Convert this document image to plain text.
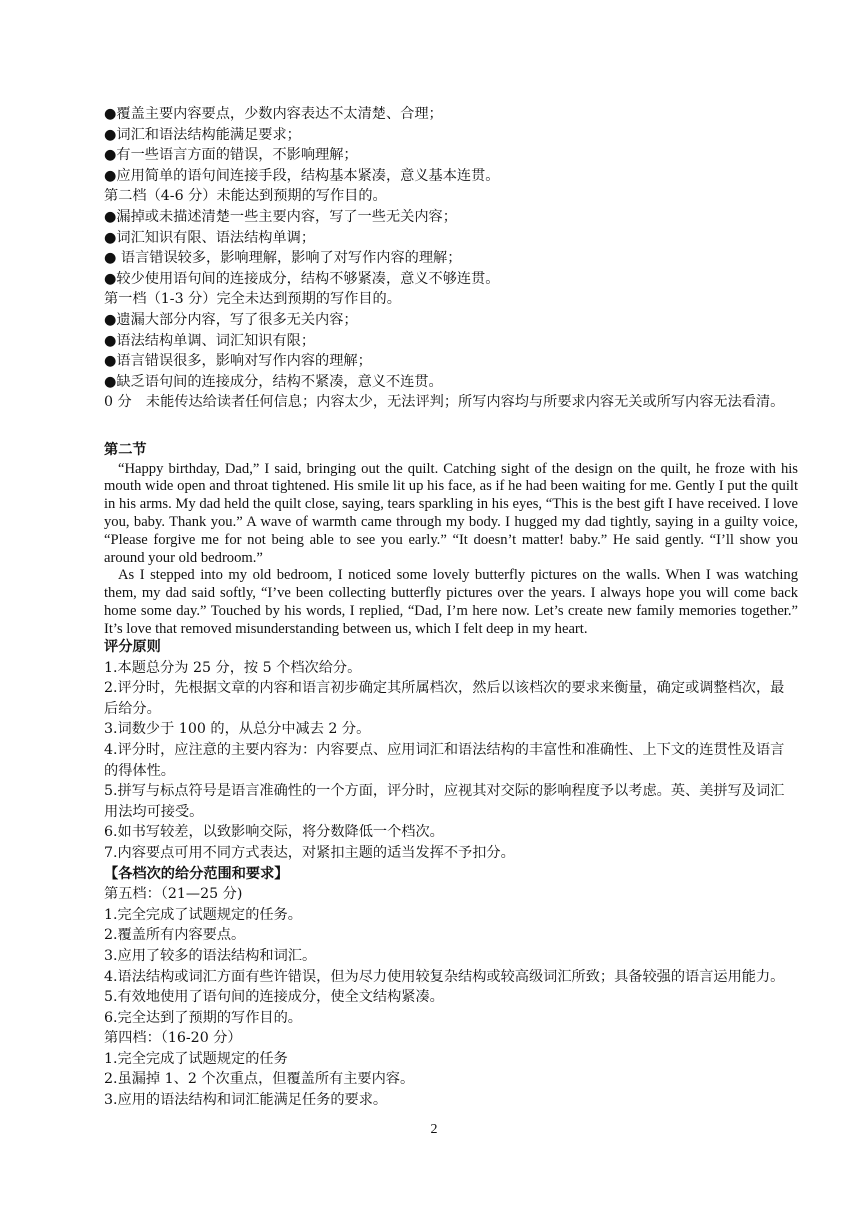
●覆盖主要内容要点，少数内容表达不太清楚、合理；
●词汇和语法结构能满足要求；
●有一些语言方面的错误，不影响理解；
●应用简单的语句间连接手段，结构基本紧凑，意义基本连贯。
第二档（4-6 分）未能达到预期的写作目的。
●漏掉或未描述清楚一些主要内容，写了一些无关内容；
●词汇知识有限、语法结构单调；
● 语言错误较多，影响理解，影响了对写作内容的理解；
●较少使用语句间的连接成分，结构不够紧凑，意义不够连贯。
第一档（1-3 分）完全未达到预期的写作目的。
●遗漏大部分内容，写了很多无关内容；
●语法结构单调、词汇知识有限；
●语言错误很多，影响对写作内容的理解；
●缺乏语句间的连接成分，结构不紧凑，意义不连贯。
0 分　未能传达给读者任何信息；内容太少，无法评判；所写内容均与所要求内容无关或所写内容无法看清。
第二节

“Happy birthday, Dad,” I said, bringing out the quilt. Catching sight of the design on the quilt, he froze with his mouth wide open and throat tightened. His smile lit up his face, as if he had been waiting for me. Gently I put the quilt in his arms. My dad held the quilt close, saying, tears sparkling in his eyes, “This is the best gift I have received. I love you, baby. Thank you.” A wave of warmth came through my body. I hugged my dad tightly, saying in a guilty voice, “Please forgive me for not being able to see you early.” “It doesn’t matter! baby.” He said gently. “I’ll show you around your old bedroom.”

As I stepped into my old bedroom, I noticed some lovely butterfly pictures on the walls. When I was watching them, my dad said softly, “I’ve been collecting butterfly pictures over the years. I always hope you will come back home some day.” Touched by his words, I replied, “Dad, I’m here now. Let’s create new family memories together.” It’s love that removed misunderstanding between us, which I felt deep in my heart.

评分原则
1.本题总分为 25 分，按 5 个档次给分。
2.评分时，先根据文章的内容和语言初步确定其所属档次，然后以该档次的要求来衡量，确定或调整档次，最后给分。
3.词数少于 100 的，从总分中减去 2 分。
4.评分时，应注意的主要内容为：内容要点、应用词汇和语法结构的丰富性和准确性、上下文的连贯性及语言的得体性。
5.拼写与标点符号是语言准确性的一个方面，评分时，应视其对交际的影响程度予以考虑。英、美拼写及词汇用法均可接受。
6.如书写较差，以致影响交际，将分数降低一个档次。
7.内容要点可用不同方式表达，对紧扣主题的适当发挥不予扣分。
【各档次的给分范围和要求】
第五档：（21—25 分)
1.完全完成了试题规定的任务。
2.覆盖所有内容要点。
3.应用了较多的语法结构和词汇。
4.语法结构或词汇方面有些许错误，但为尽力使用较复杂结构或较高级词汇所致；具备较强的语言运用能力。
5.有效地使用了语句间的连接成分，使全文结构紧凑。
6.完全达到了预期的写作目的。
第四档：（16-20 分）
1.完全完成了试题规定的任务
2.虽漏掉 1、2 个次重点，但覆盖所有主要内容。
3.应用的语法结构和词汇能满足任务的要求。
2
